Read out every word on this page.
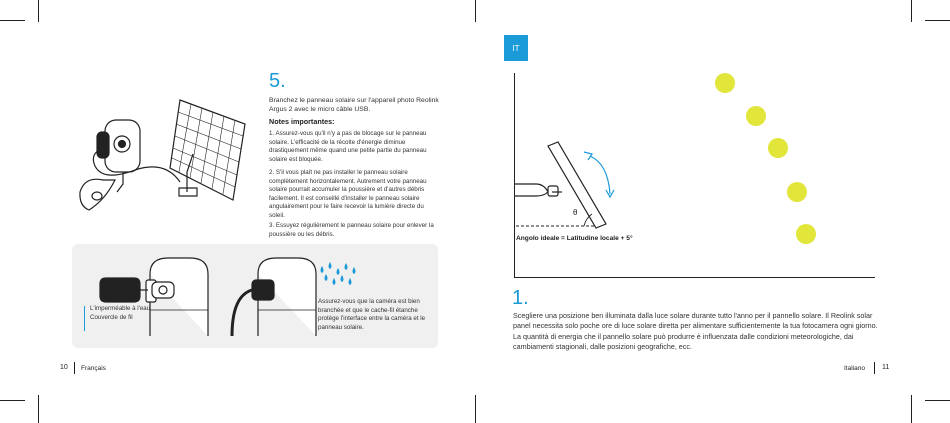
5.
Branchez le panneau solaire sur l'appareil photo Reolink Argus 2 avec le micro câble USB.
Notes importantes:
1. Assurez-vous qu'il n'y a pas de blocage sur le panneau solaire. L'efficacité de la récolte d'énergie diminue drastiquement même quand une petite partie du panneau solaire est bloquée.
2. S'il vous plaît ne pas installer le panneau solaire complètement horizontalement. Autrement votre panneau solaire pourrait accumuler la poussière et d'autres débris facilement. Il est conseillé d'installer le panneau solaire angulairement pour le faire recevoir la lumière directe du soleil.
3. Essuyez régulièrement le panneau solaire pour enlever la poussière ou les débris.
L'imperméable à l'eau Couvercle de fil
Assurez-vous que la caméra est bien branchée et que le cache-fil étanche protège l'interface entre la caméra et le panneau solaire.
10 Français
IT
θ
Angolo ideale = Latitudine locale + 5°
1.
Scegliere una posizione ben illuminata dalla luce solare durante tutto l'anno per il pannello solare. Il Reolink solar panel necessita solo poche ore di luce solare diretta per alimentare sufficientemente la tua fotocamera ogni giorno. La quantità di energia che il pannello solare può produrre è influenzata dalle condizioni meteorologiche, dai cambiamenti stagionali, dalle posizioni geografiche, ecc.
Italiano 11
